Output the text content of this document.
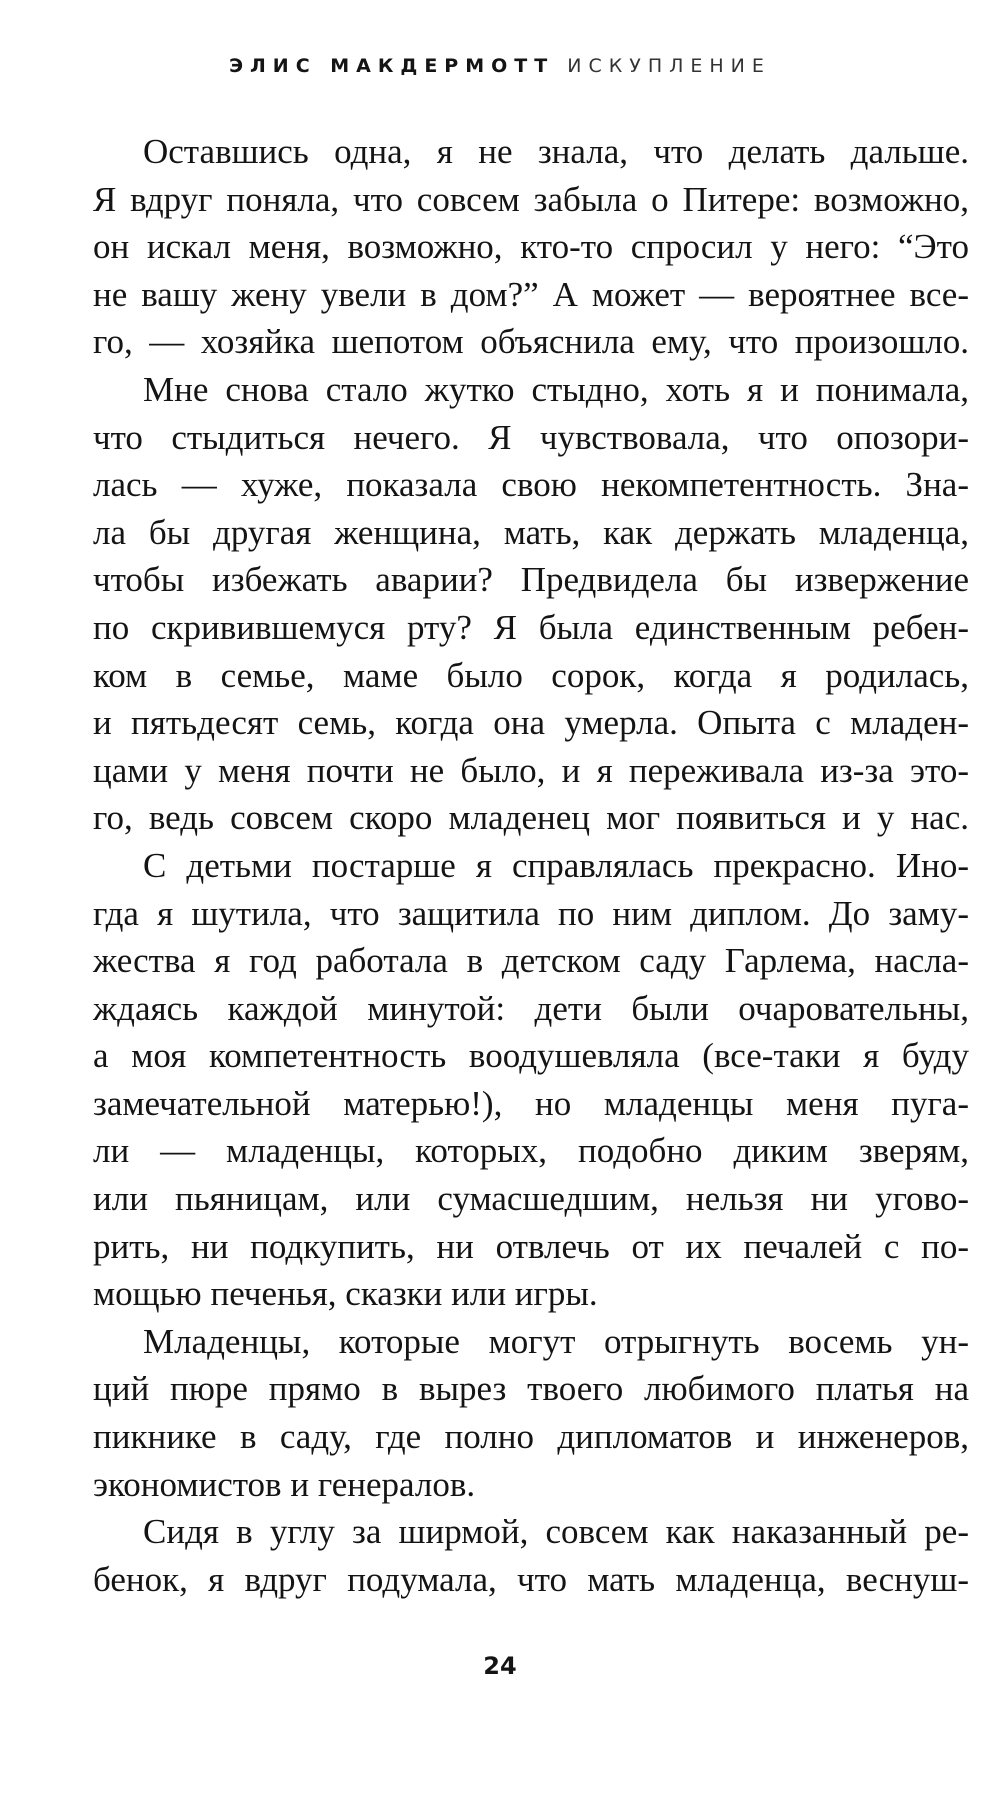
ЭЛИС МАКДЕРМОТТ ИСКУПЛЕНИЕ
Оставшись одна, я не знала, что делать дальше.
Я вдруг поняла, что совсем забыла о Питере: возможно,
он искал меня, возможно, кто-то спросил у него: “Это
не вашу жену увели в дом?” А может — вероятнее все-
го, — хозяйка шепотом объяснила ему, что произошло.
Мне снова стало жутко стыдно, хоть я и понимала,
что стыдиться нечего. Я чувствовала, что опозори-
лась — хуже, показала свою некомпетентность. Зна-
ла бы другая женщина, мать, как держать младенца,
чтобы избежать аварии? Предвидела бы извержение
по скривившемуся рту? Я была единственным ребен-
ком в семье, маме было сорок, когда я родилась,
и пятьдесят семь, когда она умерла. Опыта с младен-
цами у меня почти не было, и я переживала из-за это-
го, ведь совсем скоро младенец мог появиться и у нас.
С детьми постарше я справлялась прекрасно. Ино-
гда я шутила, что защитила по ним диплом. До заму-
жества я год работала в детском саду Гарлема, насла-
ждаясь каждой минутой: дети были очаровательны,
а моя компетентность воодушевляла (все-таки я буду
замечательной матерью!), но младенцы меня пуга-
ли — младенцы, которых, подобно диким зверям,
или пьяницам, или сумасшедшим, нельзя ни угово-
рить, ни подкупить, ни отвлечь от их печалей с по-
мощью печенья, сказки или игры.
Младенцы, которые могут отрыгнуть восемь ун-
ций пюре прямо в вырез твоего любимого платья на
пикнике в саду, где полно дипломатов и инженеров,
экономистов и генералов.
Сидя в углу за ширмой, совсем как наказанный ре-
бенок, я вдруг подумала, что мать младенца, веснуш-
24
